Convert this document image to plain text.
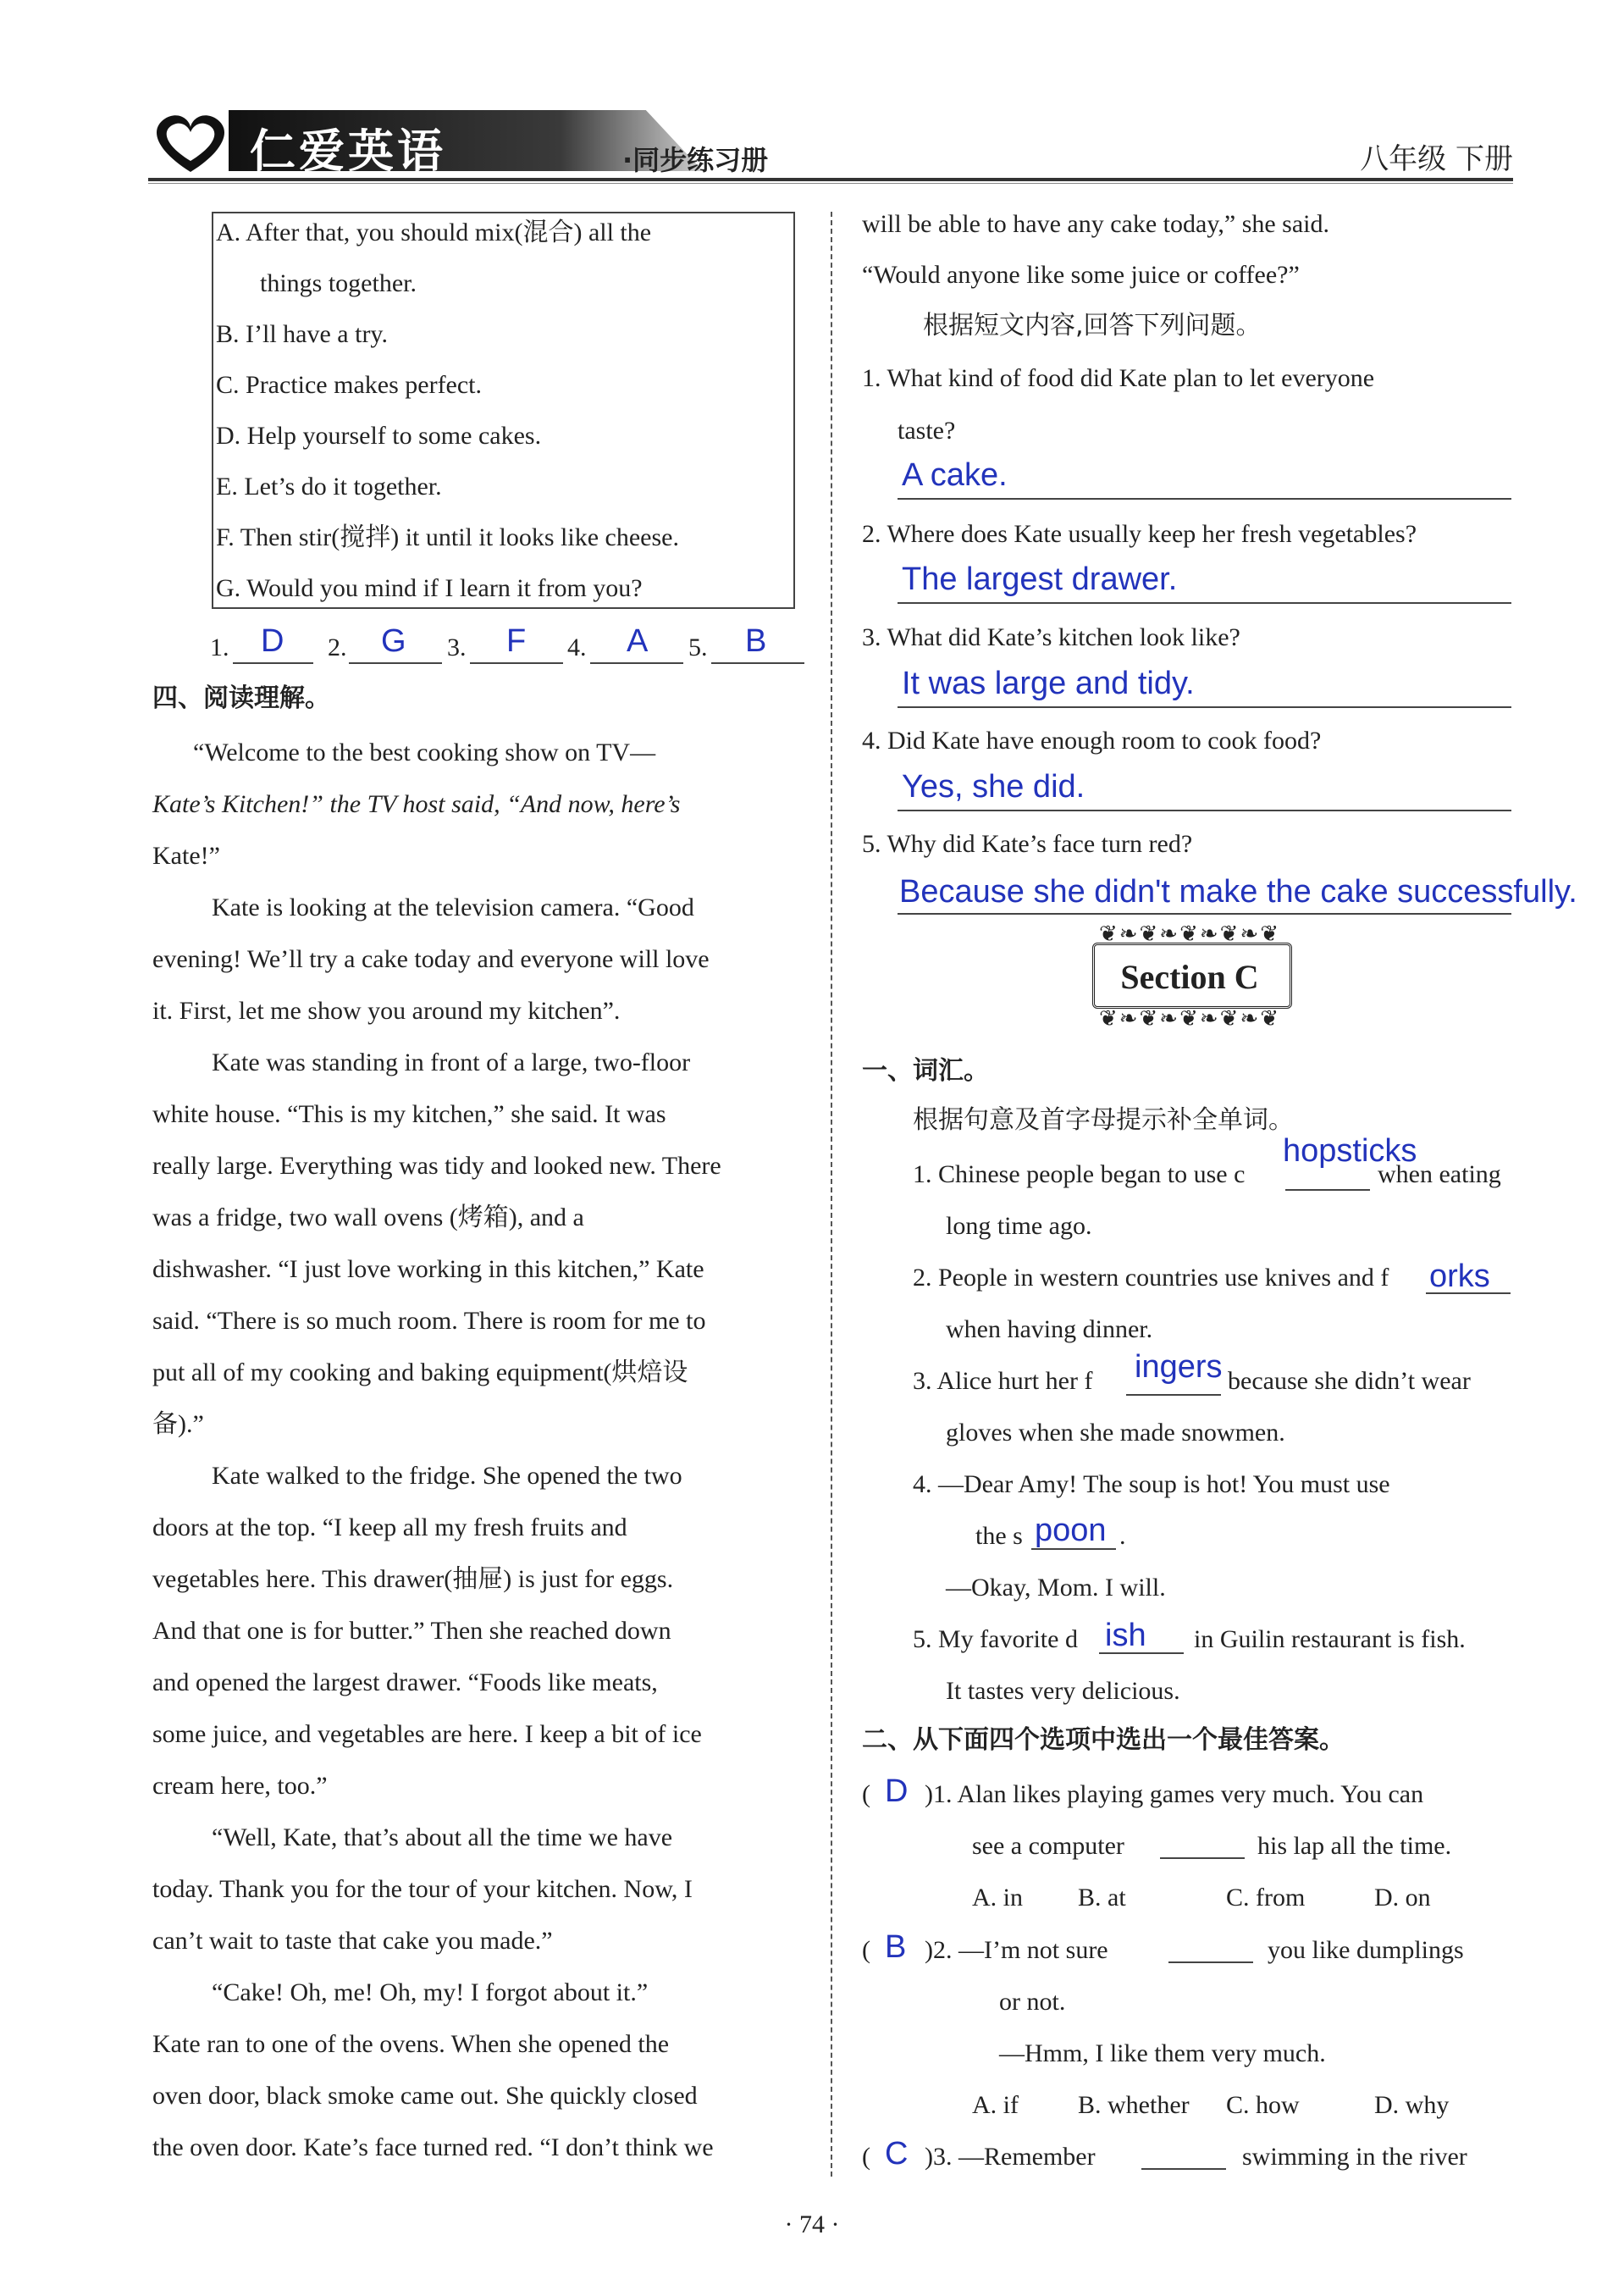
仁爱英语	·同步练习册	八年级 下册
A. After that, you should mix(混合) all the
things together.
B. I’ll have a try.
C. Practice makes perfect.
D. Help yourself to some cakes.
E. Let’s do it together.
F. Then stir(搅拌) it until it looks like cheese.
G. Would you mind if I learn it from you?
1. D 2. G 3. F 4. A 5. B
四、阅读理解。
“Welcome to the best cooking show on TV—
Kate’s Kitchen!” the TV host said, “And now, here’s
Kate!”
Kate is looking at the television camera. “Good
evening! We’ll try a cake today and everyone will love
it. First, let me show you around my kitchen”.
Kate was standing in front of a large, two-floor
white house. “This is my kitchen,” she said. It was
really large. Everything was tidy and looked new. There
was a fridge, two wall ovens (烤箱), and a
dishwasher. “I just love working in this kitchen,” Kate
said. “There is so much room. There is room for me to
put all of my cooking and baking equipment(烘焙设
备).”
Kate walked to the fridge. She opened the two
doors at the top. “I keep all my fresh fruits and
vegetables here. This drawer(抽屉) is just for eggs.
And that one is for butter.” Then she reached down
and opened the largest drawer. “Foods like meats,
some juice, and vegetables are here. I keep a bit of ice
cream here, too.”
“Well, Kate, that’s about all the time we have
today. Thank you for the tour of your kitchen. Now, I
can’t wait to taste that cake you made.”
“Cake! Oh, me! Oh, my! I forgot about it.”
Kate ran to one of the ovens. When she opened the
oven door, black smoke came out. She quickly closed
the oven door. Kate’s face turned red. “I don’t think we
will be able to have any cake today,” she said.
“Would anyone like some juice or coffee?”
根据短文内容,回答下列问题。
1. What kind of food did Kate plan to let everyone
taste?
A cake.
2. Where does Kate usually keep her fresh vegetables?
The largest drawer.
3. What did Kate’s kitchen look like?
It was large and tidy.
4. Did Kate have enough room to cook food?
Yes, she did.
5. Why did Kate’s face turn red?
Because she didn't make the cake successfully.
❦❧❦❧❦❧❦❧❦
Section C
❦❧❦❧❦❧❦❧❦
一、词汇。
根据句意及首字母提示补全单词。
1. Chinese people began to use c
hopsticks
when eating
long time ago.
2. People in western countries use knives and f orks
when having dinner.
3. Alice hurt her f ingers because she didn’t wear
gloves when she made snowmen.
4. —Dear Amy! The soup is hot! You must use
the s poon .
—Okay, Mom. I will.
5. My favorite d ish in Guilin restaurant is fish.
It tastes very delicious.
二、从下面四个选项中选出一个最佳答案。
( D )1. Alan likes playing games very much. You can
see a computer	his lap all the time.
A. in B. at	C. from	D. on
( B )2. —I’m not sure	you like dumplings
or not.
—Hmm, I like them very much.
A. if B. whether C. how	D. why
( C )3. —Remember	swimming in the river
· 74 ·
